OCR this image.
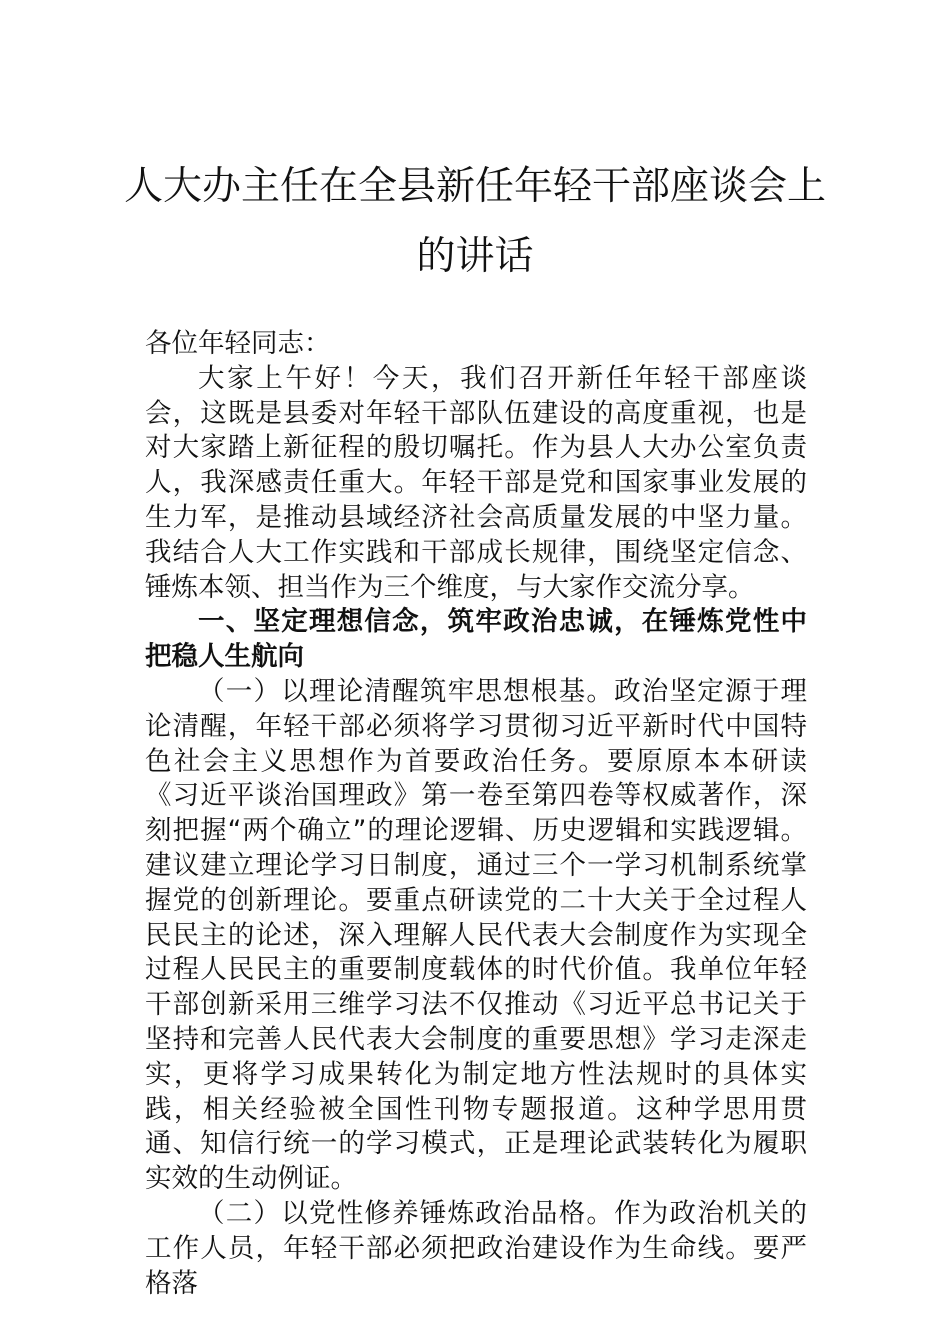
人大办主任在全县新任年轻干部座谈会上
的讲话

各位年轻同志：

大家上午好！今天，我们召开新任年轻干部座谈会，这既是县委对年轻干部队伍建设的高度重视，也是对大家踏上新征程的殷切嘱托。作为县人大办公室负责人，我深感责任重大。年轻干部是党和国家事业发展的生力军，是推动县域经济社会高质量发展的中坚力量。我结合人大工作实践和干部成长规律，围绕坚定信念、锤炼本领、担当作为三个维度，与大家作交流分享。

一、坚定理想信念，筑牢政治忠诚，在锤炼党性中把稳人生航向

（一）以理论清醒筑牢思想根基。政治坚定源于理论清醒，年轻干部必须将学习贯彻习近平新时代中国特色社会主义思想作为首要政治任务。要原原本本研读《习近平谈治国理政》第一卷至第四卷等权威著作，深刻把握“两个确立”的理论逻辑、历史逻辑和实践逻辑。建议建立理论学习日制度，通过三个一学习机制系统掌握党的创新理论。要重点研读党的二十大关于全过程人民民主的论述，深入理解人民代表大会制度作为实现全过程人民民主的重要制度载体的时代价值。我单位年轻干部创新采用三维学习法不仅推动《习近平总书记关于坚持和完善人民代表大会制度的重要思想》学习走深走实，更将学习成果转化为制定地方性法规时的具体实践，相关经验被全国性刊物专题报道。这种学思用贯通、知信行统一的学习模式，正是理论武装转化为履职实效的生动例证。

（二）以党性修养锤炼政治品格。作为政治机关的工作人员，年轻干部必须把政治建设作为生命线。要严格落
